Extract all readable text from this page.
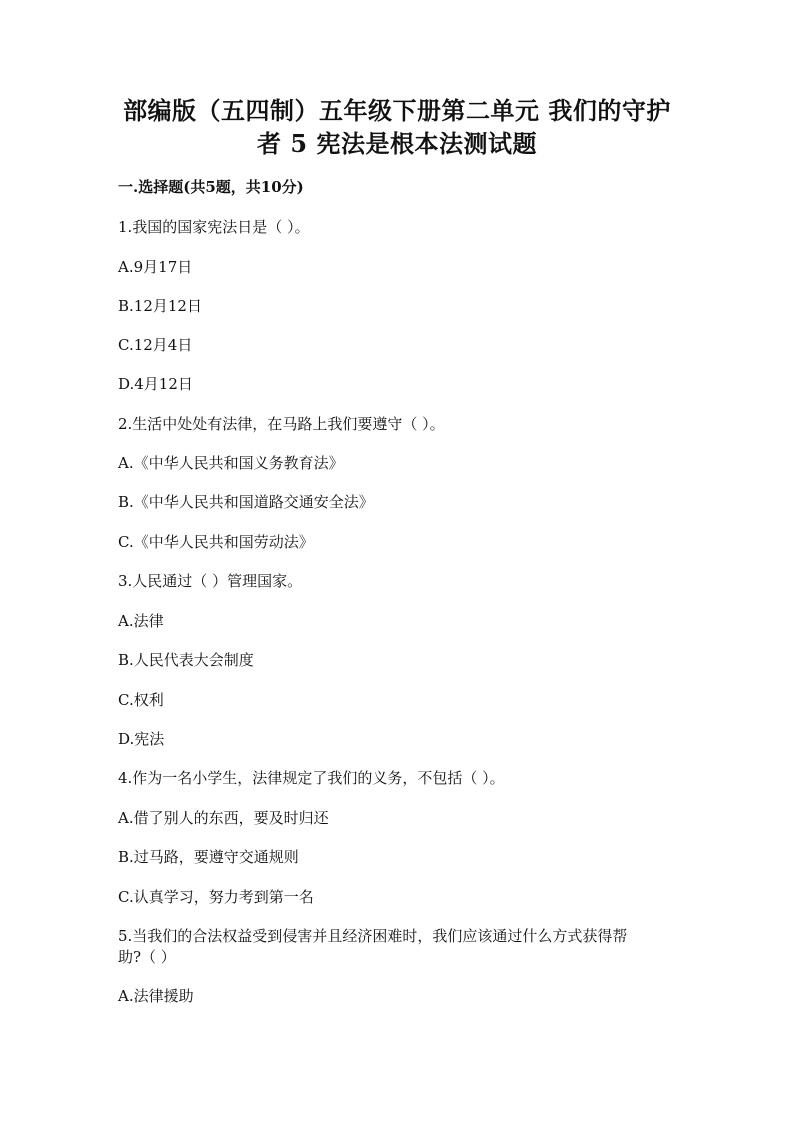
部编版（五四制）五年级下册第二单元 我们的守护
者 5 宪法是根本法测试题
一.选择题(共5题，共10分)
1.我国的国家宪法日是（ ）。
A.9月17日
B.12月12日
C.12月4日
D.4月12日
2.生活中处处有法律，在马路上我们要遵守（ ）。
A.《中华人民共和国义务教育法》
B.《中华人民共和国道路交通安全法》
C.《中华人民共和国劳动法》
3.人民通过（ ）管理国家。
A.法律
B.人民代表大会制度
C.权利
D.宪法
4.作为一名小学生，法律规定了我们的义务，不包括（ ）。
A.借了别人的东西，要及时归还
B.过马路，要遵守交通规则
C.认真学习，努力考到第一名
5.当我们的合法权益受到侵害并且经济困难时，我们应该通过什么方式获得帮
助?（ ）
A.法律援助
